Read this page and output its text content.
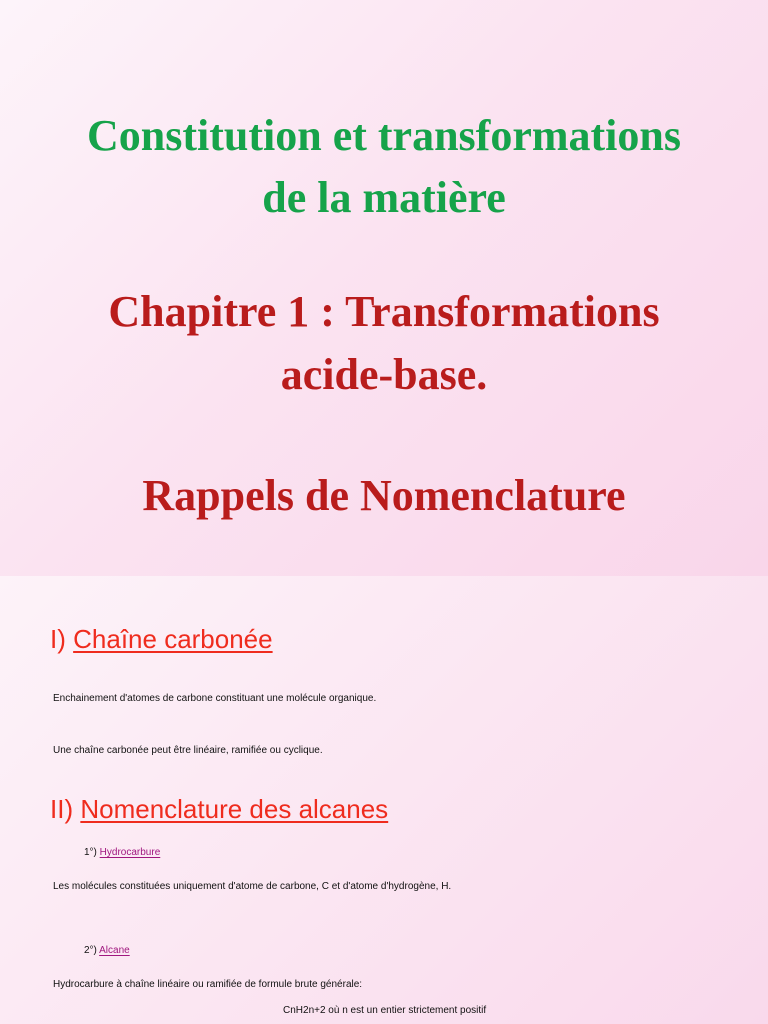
Constitution et transformations
de la matière
Chapitre 1 : Transformations
acide-base.
Rappels de Nomenclature
I) Chaîne carbonée
Enchainement d'atomes de carbone constituant une molécule organique.
Une chaîne carbonée peut être linéaire, ramifiée ou cyclique.
II) Nomenclature des alcanes
1°) Hydrocarbure
Les molécules constituées uniquement d'atome de carbone, C et d'atome d'hydrogène, H.
2°) Alcane
Hydrocarbure à chaîne linéaire ou ramifiée de formule brute générale:
CnH2n+2 où n est un entier strictement positif
